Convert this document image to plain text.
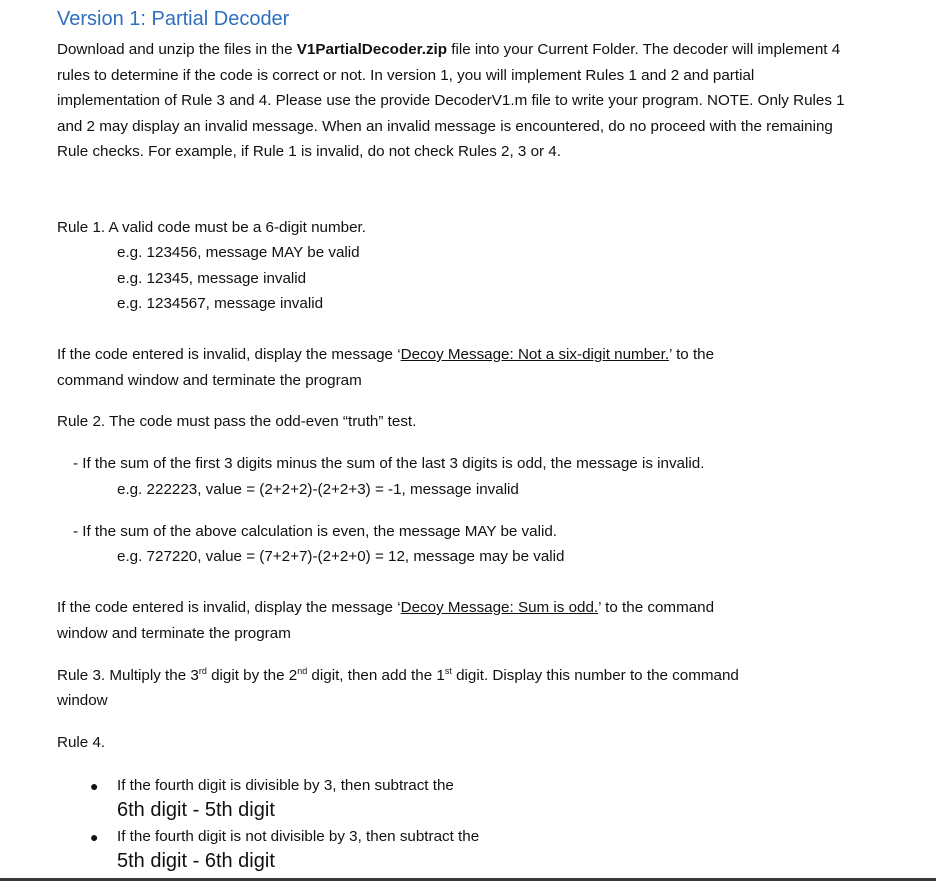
Version 1: Partial Decoder
Download and unzip the files in the V1PartialDecoder.zip file into your Current Folder. The decoder will implement 4 rules to determine if the code is correct or not. In version 1, you will implement Rules 1 and 2 and partial implementation of Rule 3 and 4. Please use the provide DecoderV1.m file to write your program. NOTE. Only Rules 1 and 2 may display an invalid message. When an invalid message is encountered, do no proceed with the remaining Rule checks. For example, if Rule 1 is invalid, do not check Rules 2, 3 or 4.
Rule 1. A valid code must be a 6-digit number.
e.g. 123456, message MAY be valid
e.g. 12345, message invalid
e.g. 1234567, message invalid
If the code entered is invalid, display the message ‘Decoy Message: Not a six-digit number.’ to the
command window and terminate the program
Rule 2. The code must pass the odd-even “truth” test.
- If the sum of the first 3 digits minus the sum of the last 3 digits is odd, the message is invalid.
e.g. 222223, value = (2+2+2)-(2+2+3) = -1, message invalid
- If the sum of the above calculation is even, the message MAY be valid.
e.g. 727220, value = (7+2+7)-(2+2+0) = 12, message may be valid
If the code entered is invalid, display the message ‘Decoy Message: Sum is odd.’ to the command
window and terminate the program
Rule 3. Multiply the 3rd digit by the 2nd digit, then add the 1st digit. Display this number to the command
window
Rule 4.
● If the fourth digit is divisible by 3, then subtract the
6th digit - 5th digit
● If the fourth digit is not divisible by 3, then subtract the
5th digit - 6th digit
